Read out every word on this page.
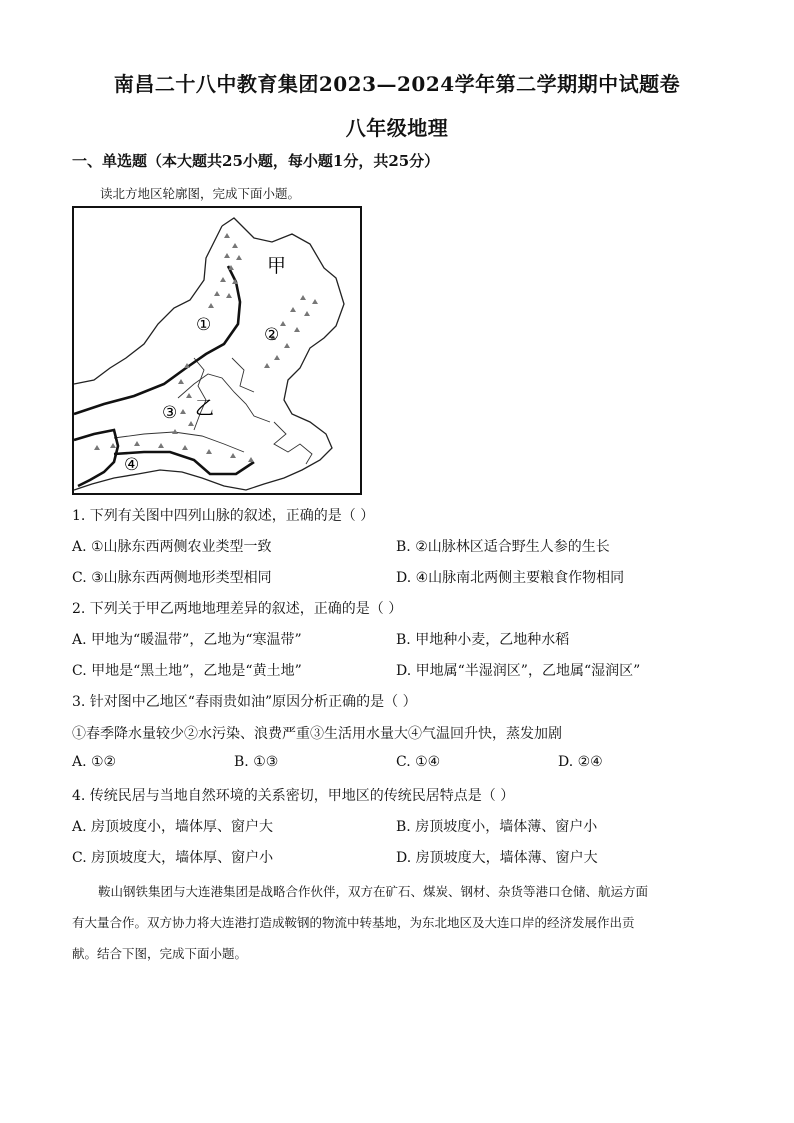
南昌二十八中教育集团2023—2024学年第二学期期中试题卷
八年级地理
一、单选题（本大题共25小题，每小题1分，共25分）
读北方地区轮廓图，完成下面小题。
甲
乙
①	②
③
④
1. 下列有关图中四列山脉的叙述，正确的是（ ）
A. ①山脉东西两侧农业类型一致	B. ②山脉林区适合野生人参的生长
C. ③山脉东西两侧地形类型相同	D. ④山脉南北两侧主要粮食作物相同
2. 下列关于甲乙两地地理差异的叙述，正确的是（ ）
A. 甲地为“暖温带”，乙地为“寒温带”	B. 甲地种小麦，乙地种水稻
C. 甲地是“黑土地”，乙地是“黄土地”	D. 甲地属“半湿润区”，乙地属“湿润区”
3. 针对图中乙地区“春雨贵如油”原因分析正确的是（ ）
①春季降水量较少②水污染、浪费严重③生活用水量大④气温回升快，蒸发加剧
A. ①②	B. ①③	C. ①④	D. ②④
4. 传统民居与当地自然环境的关系密切，甲地区的传统民居特点是（ ）
A. 房顶坡度小，墙体厚、窗户大	B. 房顶坡度小，墙体薄、窗户小
C. 房顶坡度大，墙体厚、窗户小	D. 房顶坡度大，墙体薄、窗户大
鞍山钢铁集团与大连港集团是战略合作伙伴，双方在矿石、煤炭、钢材、杂货等港口仓储、航运方面
有大量合作。双方协力将大连港打造成鞍钢的物流中转基地，为东北地区及大连口岸的经济发展作出贡
献。结合下图，完成下面小题。
